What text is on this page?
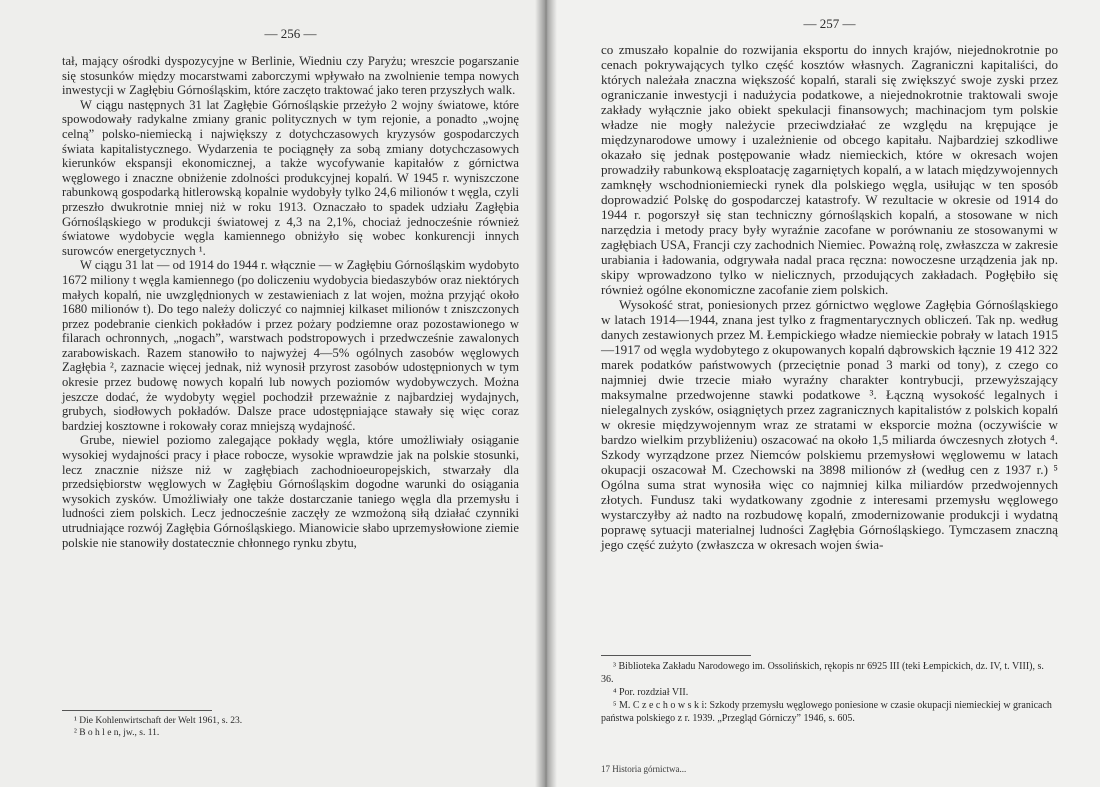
— 256 —

tał, mający ośrodki dyspozycyjne w Berlinie, Wiedniu czy Paryżu; wreszcie pogarszanie się stosunków między mocarstwami zaborczymi wpływało na zwolnienie tempa nowych inwestycji w Zagłębiu Górnośląskim, które zaczęto traktować jako teren przyszłych walk.

W ciągu następnych 31 lat Zagłębie Górnośląskie przeżyło 2 wojny światowe, które spowodowały radykalne zmiany granic politycznych w tym rejonie, a ponadto „wojnę celną” polsko-niemiecką i największy z dotychczasowych kryzysów gospodarczych świata kapitalistycznego. Wydarzenia te pociągnęły za sobą zmiany dotychczasowych kierunków ekspansji ekonomicznej, a także wycofywanie kapitałów z górnictwa węglowego i znaczne obniżenie zdolności produkcyjnej kopalń. W 1945 r. wyniszczone rabunkową gospodarką hitlerowską kopalnie wydobyły tylko 24,6 milionów t węgla, czyli przeszło dwukrotnie mniej niż w roku 1913. Oznaczało to spadek udziału Zagłębia Górnośląskiego w produkcji światowej z 4,3 na 2,1%, chociaż jednocześnie również światowe wydobycie węgla kamiennego obniżyło się wobec konkurencji innych surowców energetycznych ¹.

W ciągu 31 lat — od 1914 do 1944 r. włącznie — w Zagłębiu Górnośląskim wydobyto 1672 miliony t węgla kamiennego (po doliczeniu wydobycia biedaszybów oraz niektórych małych kopalń, nie uwzględnionych w zestawieniach z lat wojen, można przyjąć około 1680 milionów t). Do tego należy doliczyć co najmniej kilkaset milionów t zniszczonych przez podebranie cienkich pokładów i przez pożary podziemne oraz pozostawionego w filarach ochronnych, „nogach”, warstwach podstropowych i przedwcześnie zawalonych zarabowiskach. Razem stanowiło to najwyżej 4—5% ogólnych zasobów węglowych Zagłębia ², zaznacie więcej jednak, niż wynosił przyrost zasobów udostępnionych w tym okresie przez budowę nowych kopalń lub nowych poziomów wydobywczych. Można jeszcze dodać, że wydobyty węgiel pochodził przeważnie z najbardziej wydajnych, grubych, siodłowych pokładów. Dalsze prace udostępniające stawały się więc coraz bardziej kosztowne i rokowały coraz mniejszą wydajność.

Grube, niewiel poziomo zalegające pokłady węgla, które umożliwiały osiąganie wysokiej wydajności pracy i płace robocze, wysokie wprawdzie jak na polskie stosunki, lecz znacznie niższe niż w zagłębiach zachodnioeuropejskich, stwarzały dla przedsiębiorstw węglowych w Zagłębiu Górnośląskim dogodne warunki do osiągania wysokich zysków. Umożliwiały one także dostarczanie taniego węgla dla przemysłu i ludności ziem polskich. Lecz jednocześnie zaczęły ze wzmożoną siłą działać czynniki utrudniające rozwój Zagłębia Górnośląskiego. Mianowicie słabo uprzemysłowione ziemie polskie nie stanowiły dostatecznie chłonnego rynku zbytu,

¹ Die Kohlenwirtschaft der Welt 1961, s. 23.

² B o h l e n, jw., s. 11.

— 257 —

co zmuszało kopalnie do rozwijania eksportu do innych krajów, niejednokrotnie po cenach pokrywających tylko część kosztów własnych. Zagraniczni kapitaliści, do których należała znaczna większość kopalń, starali się zwiększyć swoje zyski przez ograniczanie inwestycji i nadużycia podatkowe, a niejednokrotnie traktowali swoje zakłady wyłącznie jako obiekt spekulacji finansowych; machinacjom tym polskie władze nie mogły należycie przeciwdziałać ze względu na krępujące je międzynarodowe umowy i uzależnienie od obcego kapitału. Najbardziej szkodliwe okazało się jednak postępowanie władz niemieckich, które w okresach wojen prowadziły rabunkową eksploatację zagarniętych kopalń, a w latach międzywojennych zamknęły wschodnioniemiecki rynek dla polskiego węgla, usiłując w ten sposób doprowadzić Polskę do gospodarczej katastrofy. W rezultacie w okresie od 1914 do 1944 r. pogorszył się stan techniczny górnośląskich kopalń, a stosowane w nich narzędzia i metody pracy były wyraźnie zacofane w porównaniu ze stosowanymi w zagłębiach USA, Francji czy zachodnich Niemiec. Poważną rolę, zwłaszcza w zakresie urabiania i ładowania, odgrywała nadal praca ręczna: nowoczesne urządzenia jak np. skipy wprowadzono tylko w nielicznych, przodujących zakładach. Pogłębiło się również ogólne ekonomiczne zacofanie ziem polskich.

Wysokość strat, poniesionych przez górnictwo węglowe Zagłębia Górnośląskiego w latach 1914—1944, znana jest tylko z fragmentarycznych obliczeń. Tak np. według danych zestawionych przez M. Łempickiego władze niemieckie pobrały w latach 1915—1917 od węgla wydobytego z okupowanych kopalń dąbrowskich łącznie 19 412 322 marek podatków państwowych (przeciętnie ponad 3 marki od tony), z czego co najmniej dwie trzecie miało wyraźny charakter kontrybucji, przewyższający maksymalne przedwojenne stawki podatkowe ³. Łączną wysokość legalnych i nielegalnych zysków, osiągniętych przez zagranicznych kapitalistów z polskich kopalń w okresie międzywojennym wraz ze stratami w eksporcie można (oczywiście w bardzo wielkim przybliżeniu) oszacować na około 1,5 miliarda ówczesnych złotych ⁴. Szkody wyrządzone przez Niemców polskiemu przemysłowi węglowemu w latach okupacji oszacował M. Czechowski na 3898 milionów zł (według cen z 1937 r.) ⁵ Ogólna suma strat wynosiła więc co najmniej kilka miliardów przedwojennych złotych. Fundusz taki wydatkowany zgodnie z interesami przemysłu węglowego wystarczyłby aż nadto na rozbudowę kopalń, zmodernizowanie produkcji i wydatną poprawę sytuacji materialnej ludności Zagłębia Górnośląskiego. Tymczasem znaczną jego część zużyto (zwłaszcza w okresach wojen świa-

³ Biblioteka Zakładu Narodowego im. Ossolińskich, rękopis nr 6925 III (teki Łempickich, dz. IV, t. VIII), s. 36.

⁴ Por. rozdział VII.

⁵ M. C z e c h o w s k i: Szkody przemysłu węglowego poniesione w czasie okupacji niemieckiej w granicach państwa polskiego z r. 1939. „Przegląd Górniczy” 1946, s. 605.

17 Historia górnictwa...
